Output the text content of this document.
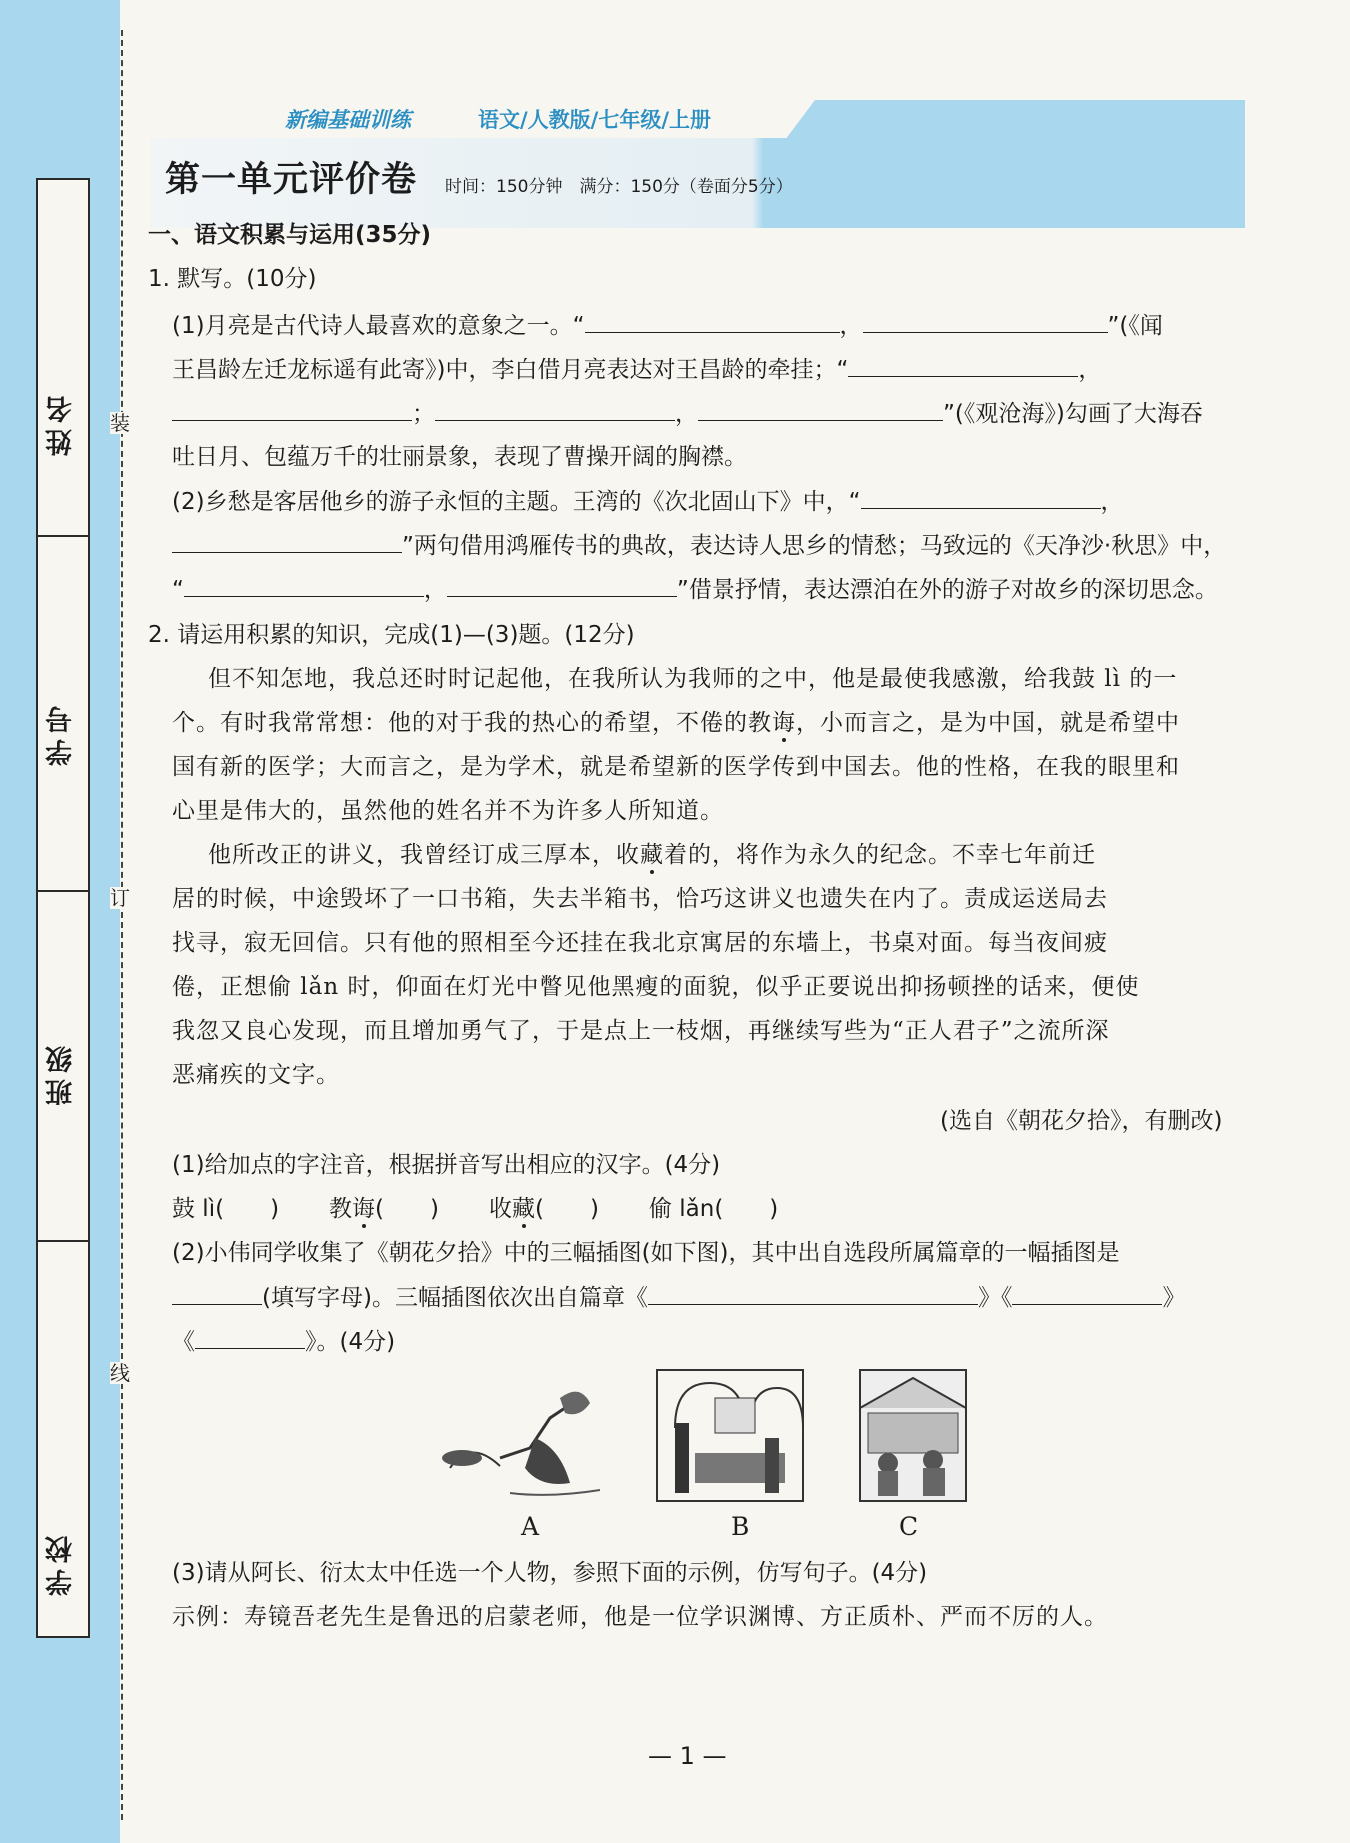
姓名
学号
班级
学校
装
订
线
新编基础训练	语文/人教版/七年级/上册
第一单元评价卷 时间：150分钟　满分：150分（卷面分5分）
一、语文积累与运用(35分)
1. 默写。(10分)
(1)月亮是古代诗人最喜欢的意象之一。“	，	”(《闻
王昌龄左迁龙标遥有此寄》)中，李白借月亮表达对王昌龄的牵挂；“	，
；	，	”(《观沧海》)勾画了大海吞
吐日月、包蕴万千的壮丽景象，表现了曹操开阔的胸襟。
(2)乡愁是客居他乡的游子永恒的主题。王湾的《次北固山下》中，“	，
”两句借用鸿雁传书的典故，表达诗人思乡的情愁；马致远的《天净沙·秋思》中，
“	，	”借景抒情，表达漂泊在外的游子对故乡的深切思念。
2. 请运用积累的知识，完成(1)—(3)题。(12分)
但不知怎地，我总还时时记起他，在我所认为我师的之中，他是最使我感激，给我鼓 lì 的一
个。有时我常常想：他的对于我的热心的希望，不倦的教诲，小而言之，是为中国，就是希望中
国有新的医学；大而言之，是为学术，就是希望新的医学传到中国去。他的性格，在我的眼里和
心里是伟大的，虽然他的姓名并不为许多人所知道。
他所改正的讲义，我曾经订成三厚本，收藏着的，将作为永久的纪念。不幸七年前迁
居的时候，中途毁坏了一口书箱，失去半箱书，恰巧这讲义也遗失在内了。责成运送局去
找寻，寂无回信。只有他的照相至今还挂在我北京寓居的东墙上，书桌对面。每当夜间疲
倦，正想偷 lǎn 时，仰面在灯光中瞥见他黑瘦的面貌，似乎正要说出抑扬顿挫的话来，便使
我忽又良心发现，而且增加勇气了，于是点上一枝烟，再继续写些为“正人君子”之流所深
恶痛疾的文字。
(选自《朝花夕拾》，有删改)
(1)给加点的字注音，根据拼音写出相应的汉字。(4分)
鼓 lì(　　) 教诲(　　) 收藏(　　) 偷 lǎn(　　)
(2)小伟同学收集了《朝花夕拾》中的三幅插图(如下图)，其中出自选段所属篇章的一幅插图是
(填写字母)。三幅插图依次出自篇章《	》《	》
《	》。(4分)
A	B	C
(3)请从阿长、衍太太中任选一个人物，参照下面的示例，仿写句子。(4分)
示例：寿镜吾老先生是鲁迅的启蒙老师，他是一位学识渊博、方正质朴、严而不厉的人。
— 1 —
